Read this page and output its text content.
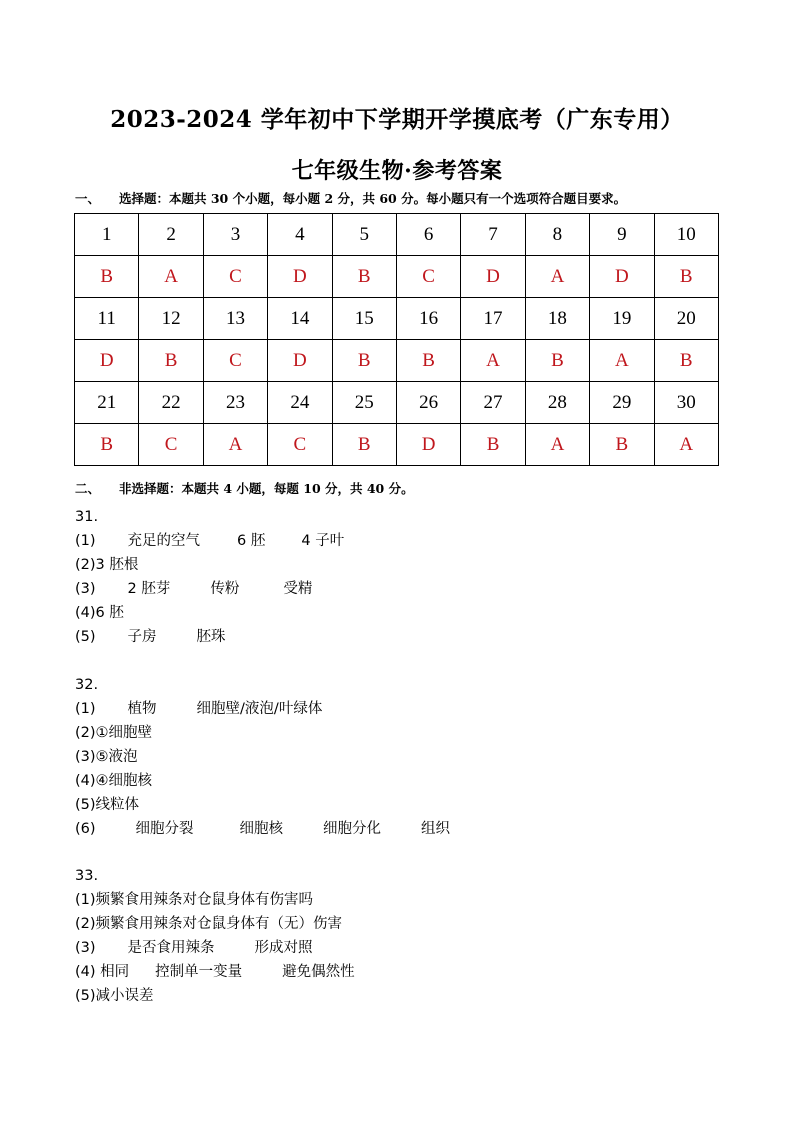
2023-2024 学年初中下学期开学摸底考（广东专用）
七年级生物·参考答案
一、 选择题：本题共 30 个小题，每小题 2 分，共 60 分。每小题只有一个选项符合题目要求。
1	2	3	4	5	6	7	8	9	10
B	A	C	D	B	C	D	A	D	B
11	12	13	14	15	16	17	18	19	20
D	B	C	D	B	B	A	B	A	B
21	22	23	24	25	26	27	28	29	30
B	C	A	C	B	D	B	A	B	A
二、 非选择题：本题共 4 小题，每题 10 分，共 40 分。
31.
(1) 充足的空气	6 胚 4 子叶
(2)3 胚根
(3) 2 胚芽	传粉	受精
(4)6 胚
(5) 子房	胚珠
32.
(1) 植物	细胞壁/液泡/叶绿体
(2)①细胞壁
(3)⑤液泡
(4)④细胞核
(5)线粒体
(6)	细胞分裂	细胞核	细胞分化	组织
33.
(1)频繁食用辣条对仓鼠身体有伤害吗
(2)频繁食用辣条对仓鼠身体有（无）伤害
(3) 是否食用辣条	形成对照
(4) 相同 控制单一变量	避免偶然性
(5)减小误差
